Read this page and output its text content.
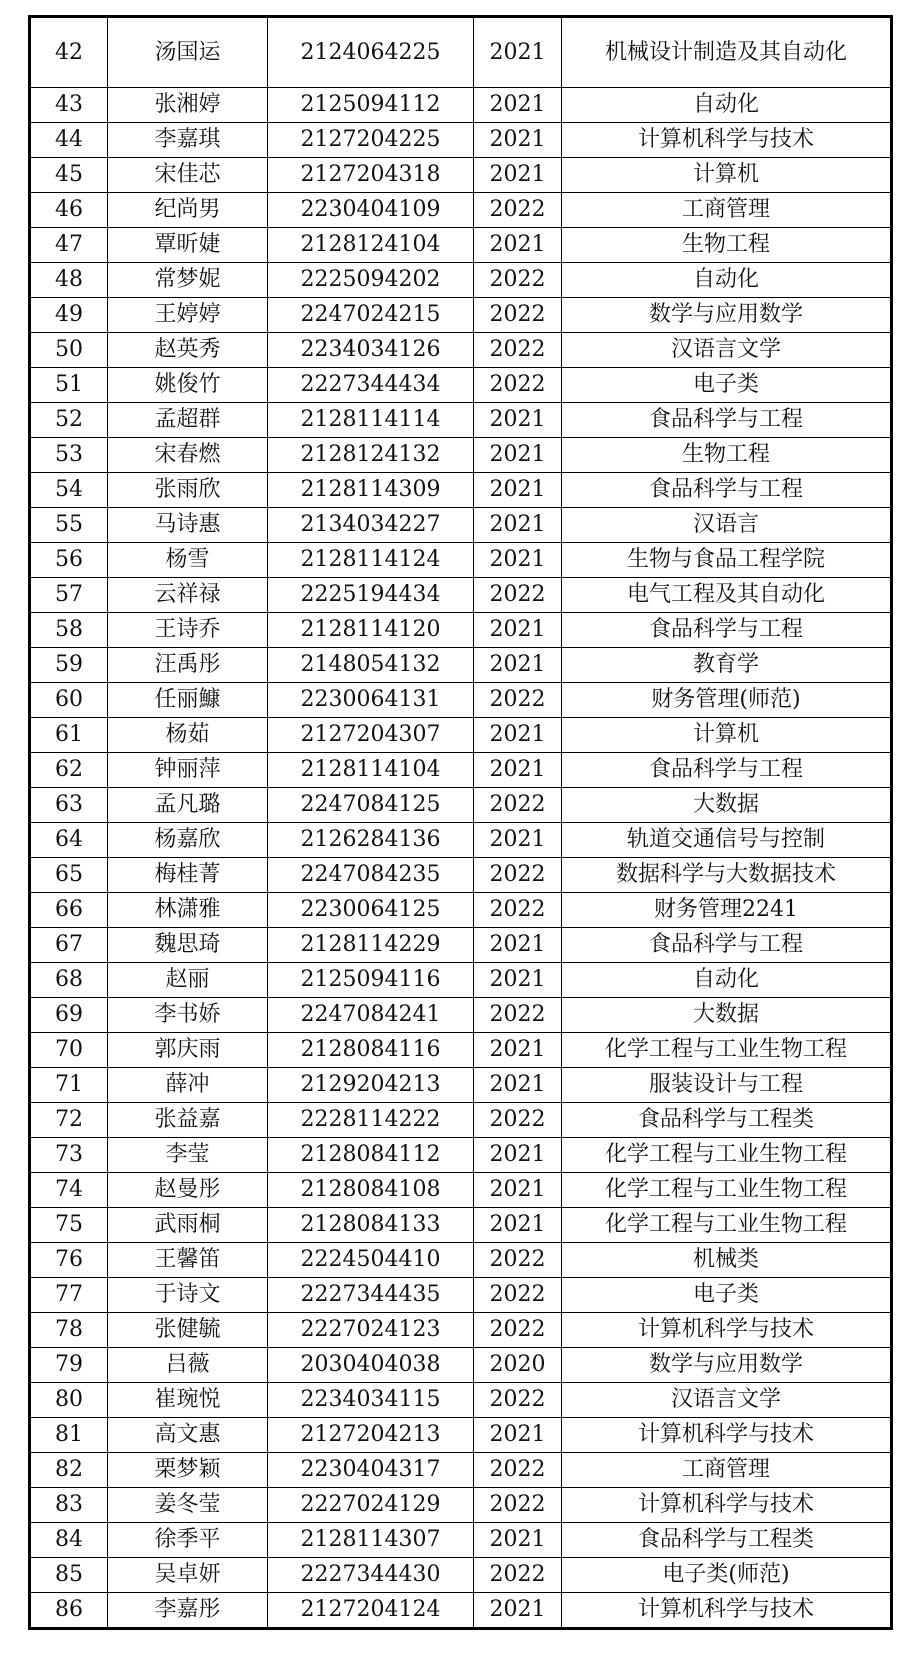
42	汤国运	2124064225	2021	机械设计制造及其自动化
43	张湘婷	2125094112	2021	自动化
44	李嘉琪	2127204225	2021	计算机科学与技术
45	宋佳芯	2127204318	2021	计算机
46	纪尚男	2230404109	2022	工商管理
47	覃昕婕	2128124104	2021	生物工程
48	常梦妮	2225094202	2022	自动化
49	王婷婷	2247024215	2022	数学与应用数学
50	赵英秀	2234034126	2022	汉语言文学
51	姚俊竹	2227344434	2022	电子类
52	孟超群	2128114114	2021	食品科学与工程
53	宋春燃	2128124132	2021	生物工程
54	张雨欣	2128114309	2021	食品科学与工程
55	马诗惠	2134034227	2021	汉语言
56	杨雪	2128114124	2021	生物与食品工程学院
57	云祥禄	2225194434	2022	电气工程及其自动化
58	王诗乔	2128114120	2021	食品科学与工程
59	汪禹彤	2148054132	2021	教育学
60	任丽鱇	2230064131	2022	财务管理(师范)
61	杨茹	2127204307	2021	计算机
62	钟丽萍	2128114104	2021	食品科学与工程
63	孟凡璐	2247084125	2022	大数据
64	杨嘉欣	2126284136	2021	轨道交通信号与控制
65	梅桂菁	2247084235	2022	数据科学与大数据技术
66	林潇雅	2230064125	2022	财务管理2241
67	魏思琦	2128114229	2021	食品科学与工程
68	赵丽	2125094116	2021	自动化
69	李书娇	2247084241	2022	大数据
70	郭庆雨	2128084116	2021	化学工程与工业生物工程
71	薛冲	2129204213	2021	服装设计与工程
72	张益嘉	2228114222	2022	食品科学与工程类
73	李莹	2128084112	2021	化学工程与工业生物工程
74	赵曼彤	2128084108	2021	化学工程与工业生物工程
75	武雨桐	2128084133	2021	化学工程与工业生物工程
76	王馨笛	2224504410	2022	机械类
77	于诗文	2227344435	2022	电子类
78	张健毓	2227024123	2022	计算机科学与技术
79	吕薇	2030404038	2020	数学与应用数学
80	崔琬悦	2234034115	2022	汉语言文学
81	高文惠	2127204213	2021	计算机科学与技术
82	栗梦颖	2230404317	2022	工商管理
83	姜冬莹	2227024129	2022	计算机科学与技术
84	徐季平	2128114307	2021	食品科学与工程类
85	吴卓妍	2227344430	2022	电子类(师范)
86	李嘉彤	2127204124	2021	计算机科学与技术
